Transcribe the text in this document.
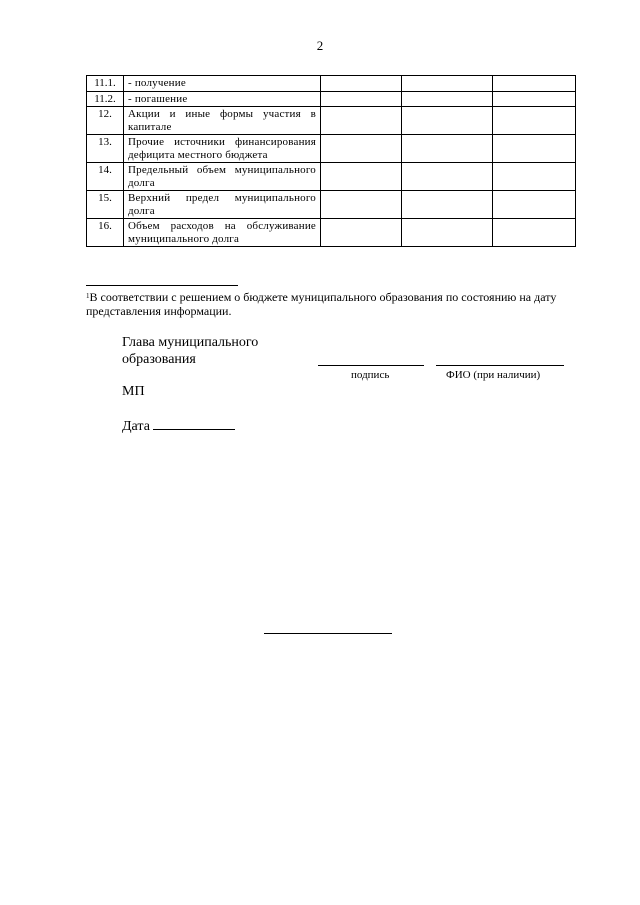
2
11.1.	- получение			
11.2.	- погашение			
12.	Акции и иные формы участия в капитале			
13.	Прочие источники финансирования дефицита местного бюджета			
14.	Предельный объем муниципального долга			
15.	Верхний предел муниципального долга			
16.	Объем расходов на обслуживание муниципального долга			
$^1$В соответствии с решением о бюджете муниципального образования по состоянию на дату представления информации.
Глава муниципального
образования
подпись	ФИО (при наличии)
МП
Дата
